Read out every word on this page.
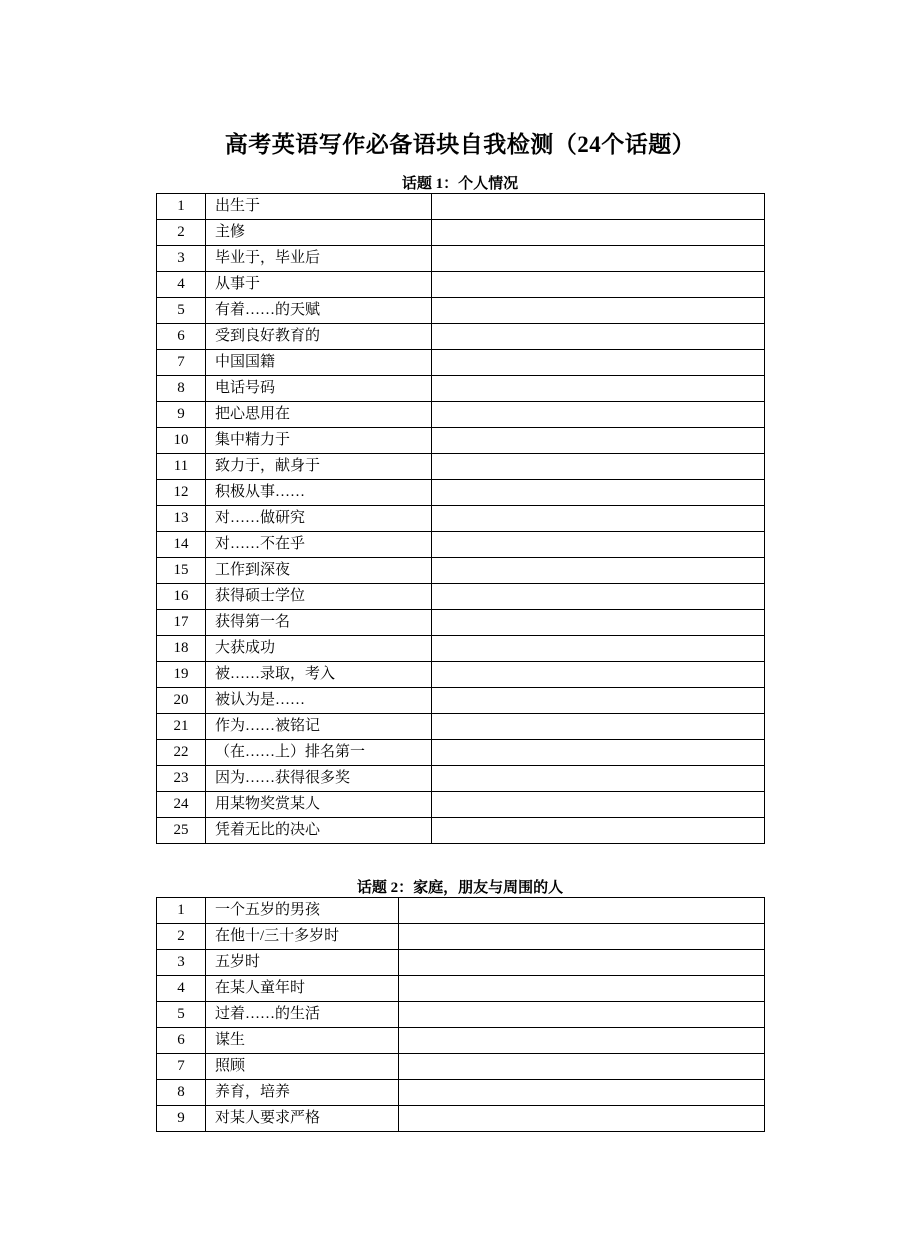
高考英语写作必备语块自我检测（24个话题）
话题 1：个人情况
1	出生于	
2	主修	
3	毕业于，毕业后	
4	从事于	
5	有着……的天赋	
6	受到良好教育的	
7	中国国籍	
8	电话号码	
9	把心思用在	
10	集中精力于	
11	致力于，献身于	
12	积极从事……	
13	对……做研究	
14	对……不在乎	
15	工作到深夜	
16	获得硕士学位	
17	获得第一名	
18	大获成功	
19	被……录取，考入	
20	被认为是……	
21	作为……被铭记	
22	（在……上）排名第一	
23	因为……获得很多奖	
24	用某物奖赏某人	
25	凭着无比的决心	
话题 2：家庭，朋友与周围的人
1	一个五岁的男孩	
2	在他十/三十多岁时	
3	五岁时	
4	在某人童年时	
5	过着……的生活	
6	谋生	
7	照顾	
8	养育，培养	
9	对某人要求严格	
